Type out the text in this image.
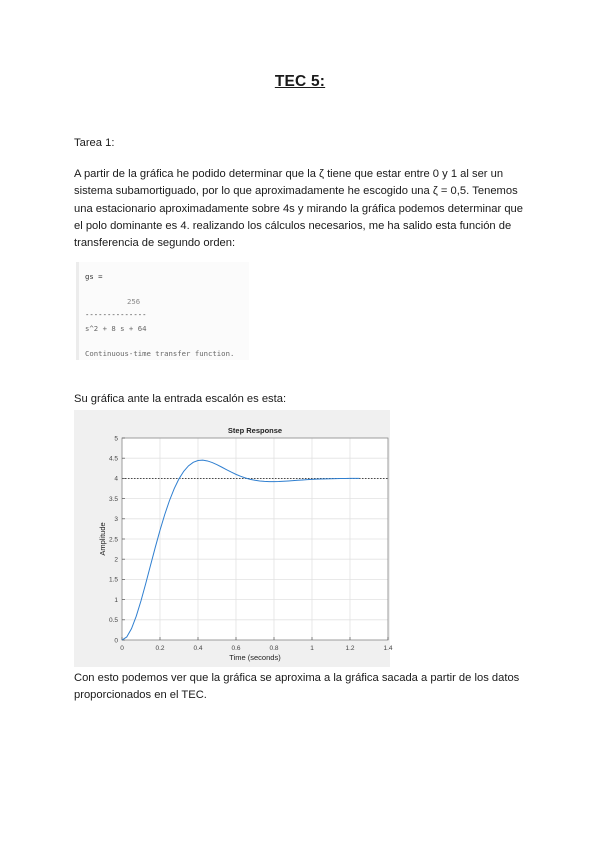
TEC 5:
Tarea 1:
A partir de la gráfica he podido determinar que la ζ tiene que estar entre 0 y 1 al ser un sistema subamortiguado, por lo que aproximadamente he escogido una ζ = 0,5. Tenemos una estacionario aproximadamente sobre 4s y mirando la gráfica podemos determinar que el polo dominante es 4. realizando los cálculos necesarios, me ha salido esta función de transferencia de segundo orden:
gs =
256
--------------
s^2 + 8 s + 64
Continuous-time transfer function.
Su gráfica ante la entrada escalón es esta:
0	0.2	0.4	0.6	0.8	1	1.2	1.4
0
0.5
1
1.5
2
2.5
3
3.5
4
4.5
5
Step Response
Time (seconds)
Amplitude
Con esto podemos ver que la gráfica se aproxima a la gráfica sacada a partir de los datos proporcionados en el TEC.
